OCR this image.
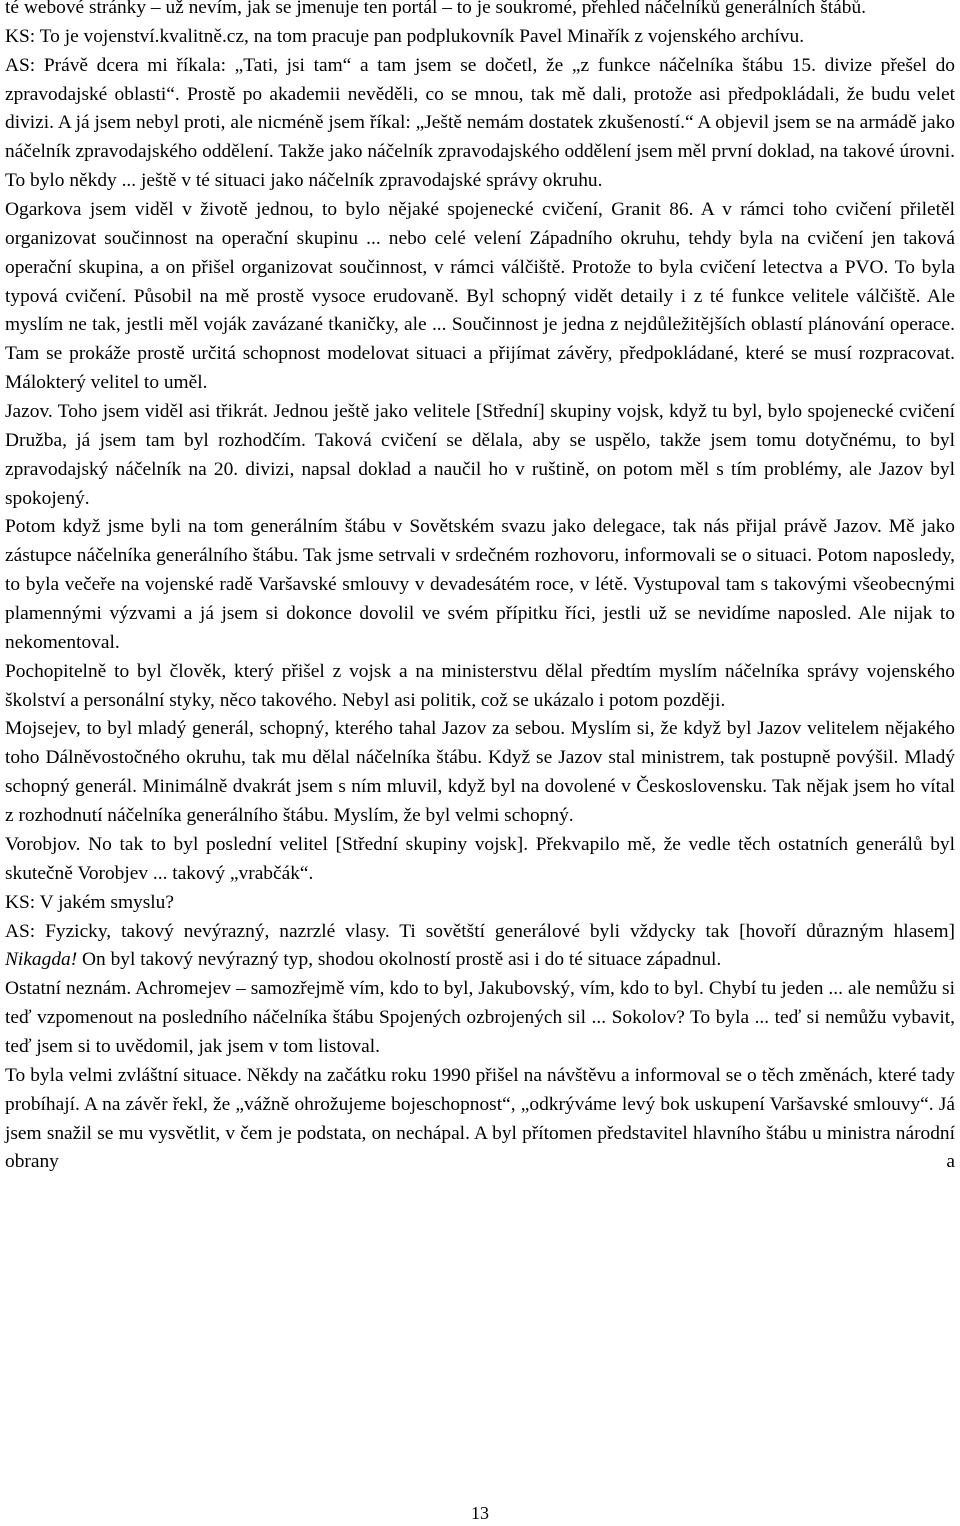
té webové stránky – už nevím, jak se jmenuje ten portál – to je soukromé, přehled náčelníků generálních štábů.

KS: To je vojenství.kvalitně.cz, na tom pracuje pan podplukovník Pavel Minařík z vojenského archívu.

AS: Právě dcera mi říkala: „Tati, jsi tam“ a tam jsem se dočetl, že „z funkce náčelníka štábu 15. divize přešel do zpravodajské oblasti“. Prostě po akademii nevěděli, co se mnou, tak mě dali, protože asi předpokládali, že budu velet divizi. A já jsem nebyl proti, ale nicméně jsem říkal: „Ještě nemám dostatek zkušeností.“ A objevil jsem se na armádě jako náčelník zpravodajského oddělení. Takže jako náčelník zpravodajského oddělení jsem měl první doklad, na takové úrovni. To bylo někdy ... ještě v té situaci jako náčelník zpravodajské správy okruhu.

Ogarkova jsem viděl v životě jednou, to bylo nějaké spojenecké cvičení, Granit 86. A v rámci toho cvičení přiletěl organizovat součinnost na operační skupinu ... nebo celé velení Západního okruhu, tehdy byla na cvičení jen taková operační skupina, a on přišel organizovat součinnost, v rámci válčiště. Protože to byla cvičení letectva a PVO. To byla typová cvičení. Působil na mě prostě vysoce erudovaně. Byl schopný vidět detaily i z té funkce velitele válčiště. Ale myslím ne tak, jestli měl voják zavázané tkaničky, ale ... Součinnost je jedna z nejdůležitějších oblastí plánování operace. Tam se prokáže prostě určitá schopnost modelovat situaci a přijímat závěry, předpokládané, které se musí rozpracovat. Málokterý velitel to uměl.

Jazov. Toho jsem viděl asi třikrát. Jednou ještě jako velitele [Střední] skupiny vojsk, když tu byl, bylo spojenecké cvičení Družba, já jsem tam byl rozhodčím. Taková cvičení se dělala, aby se uspělo, takže jsem tomu dotyčnému, to byl zpravodajský náčelník na 20. divizi, napsal doklad a naučil ho v ruštině, on potom měl s tím problémy, ale Jazov byl spokojený.

Potom když jsme byli na tom generálním štábu v Sovětském svazu jako delegace, tak nás přijal právě Jazov. Mě jako zástupce náčelníka generálního štábu. Tak jsme setrvali v srdečném rozhovoru, informovali se o situaci. Potom naposledy, to byla večeře na vojenské radě Varšavské smlouvy v devadesátém roce, v létě. Vystupoval tam s takovými všeobecnými plamennými výzvami a já jsem si dokonce dovolil ve svém přípitku říci, jestli už se nevidíme naposled. Ale nijak to nekomentoval.

Pochopitelně to byl člověk, který přišel z vojsk a na ministerstvu dělal předtím myslím náčelníka správy vojenského školství a personální styky, něco takového. Nebyl asi politik, což se ukázalo i potom později.

Mojsejev, to byl mladý generál, schopný, kterého tahal Jazov za sebou. Myslím si, že když byl Jazov velitelem nějakého toho Dálněvostočného okruhu, tak mu dělal náčelníka štábu. Když se Jazov stal ministrem, tak postupně povýšil. Mladý schopný generál. Minimálně dvakrát jsem s ním mluvil, když byl na dovolené v Československu. Tak nějak jsem ho vítal z rozhodnutí náčelníka generálního štábu. Myslím, že byl velmi schopný.

Vorobjov. No tak to byl poslední velitel [Střední skupiny vojsk]. Překvapilo mě, že vedle těch ostatních generálů byl skutečně Vorobjev ... takový „vrabčák“.

KS: V jakém smyslu?

AS: Fyzicky, takový nevýrazný, nazrzlé vlasy. Ti sovětští generálové byli vždycky tak [hovoří důrazným hlasem] Nikagda! On byl takový nevýrazný typ, shodou okolností prostě asi i do té situace západnul.

Ostatní neznám. Achromejev – samozřejmě vím, kdo to byl, Jakubovský, vím, kdo to byl. Chybí tu jeden ... ale nemůžu si teď vzpomenout na posledního náčelníka štábu Spojených ozbrojených sil ... Sokolov? To byla ... teď si nemůžu vybavit, teď jsem si to uvědomil, jak jsem v tom listoval.

To byla velmi zvláštní situace. Někdy na začátku roku 1990 přišel na návštěvu a informoval se o těch změnách, které tady probíhají. A na závěr řekl, že „vážně ohrožujeme bojeschopnost“, „odkrýváme levý bok uskupení Varšavské smlouvy“. Já jsem snažil se mu vysvětlit, v čem je podstata, on nechápal. A byl přítomen představitel hlavního štábu u ministra národní obrany a

13
